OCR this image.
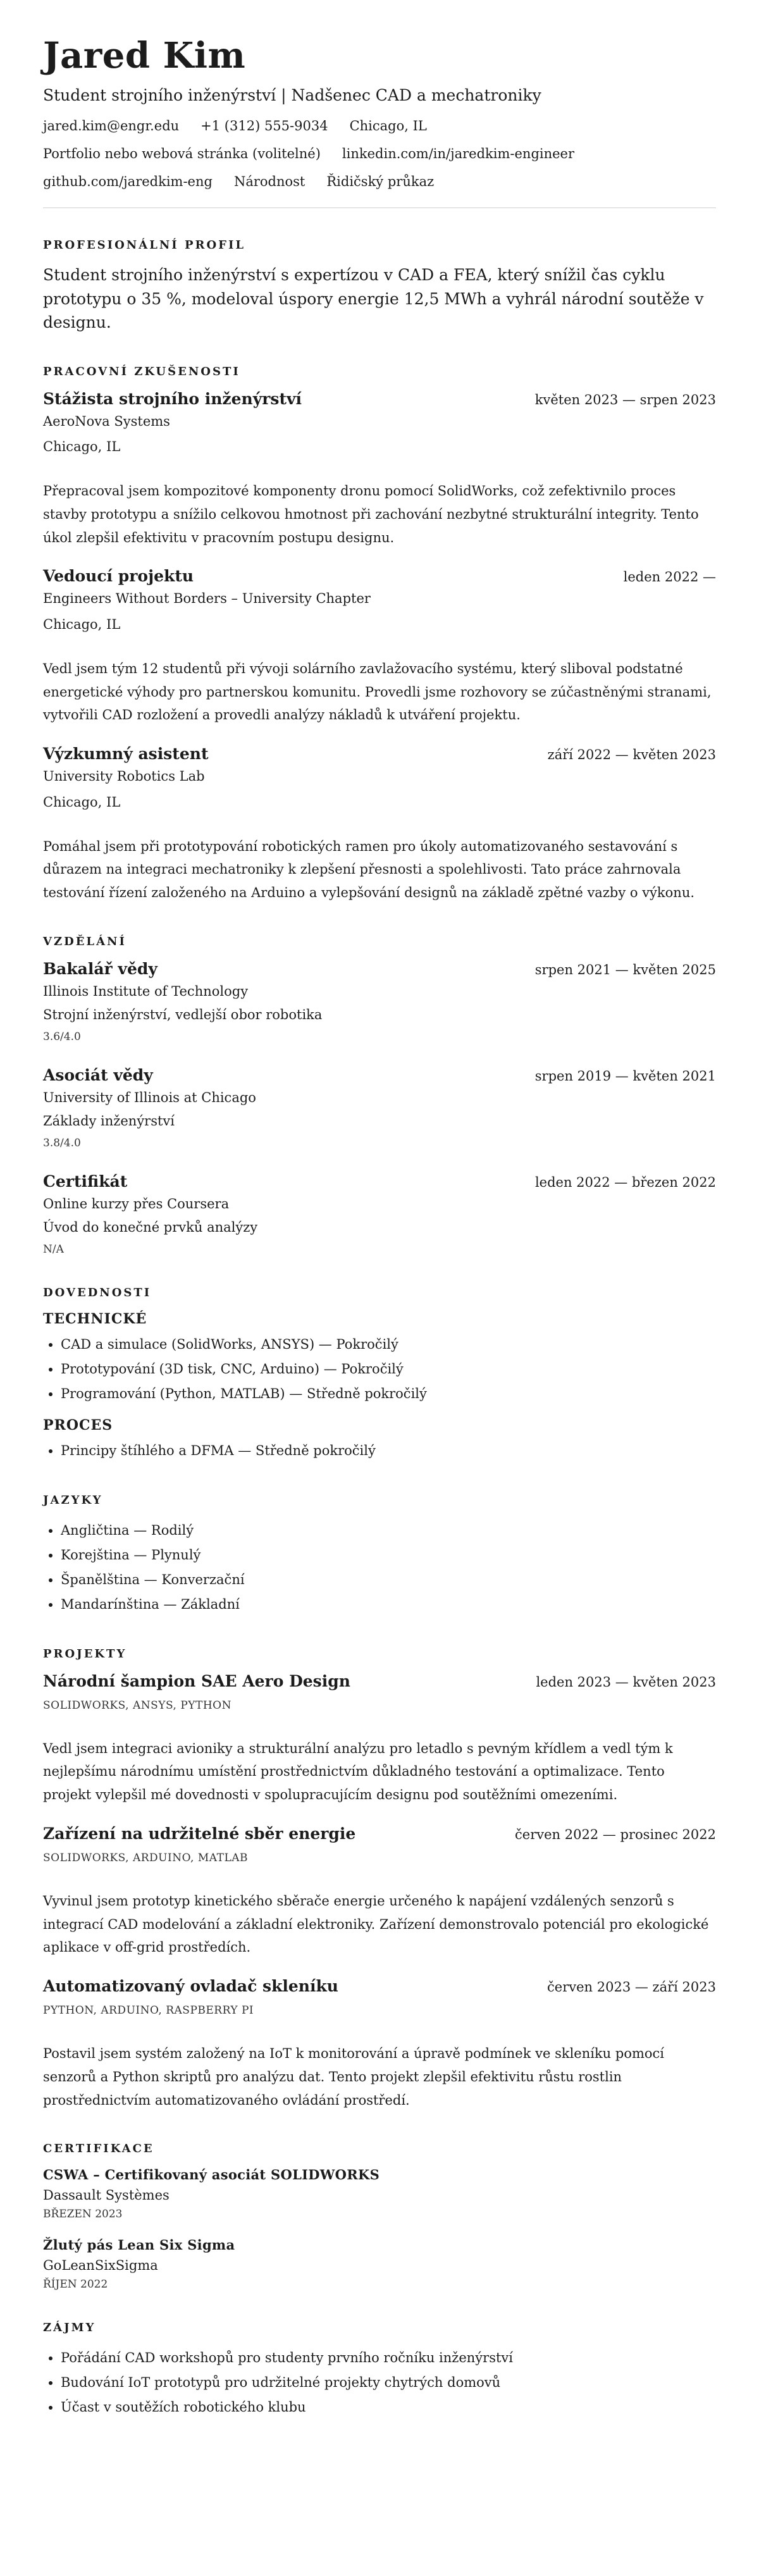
Jared Kim
Student strojního inženýrství | Nadšenec CAD a mechatroniky
jared.kim@engr.edu +1 (312) 555-9034 Chicago, IL
Portfolio nebo webová stránka (volitelné) linkedin.com/in/jaredkim-engineer
github.com/jaredkim-eng Národnost Řidičský průkaz
PROFESIONÁLNÍ PROFIL
Student strojního inženýrství s expertízou v CAD a FEA, který snížil čas cyklu prototypu o 35 %, modeloval úspory energie 12,5 MWh a vyhrál národní soutěže v designu.
PRACOVNÍ ZKUŠENOSTI
Stážista strojního inženýrství	květen 2023 — srpen 2023
AeroNova Systems
Chicago, IL
Přepracoval jsem kompozitové komponenty dronu pomocí SolidWorks, což zefektivnilo proces stavby prototypu a snížilo celkovou hmotnost při zachování nezbytné strukturální integrity. Tento úkol zlepšil efektivitu v pracovním postupu designu.
Vedoucí projektu	leden 2022 —
Engineers Without Borders – University Chapter
Chicago, IL
Vedl jsem tým 12 studentů při vývoji solárního zavlažovacího systému, který sliboval podstatné energetické výhody pro partnerskou komunitu. Provedli jsme rozhovory se zúčastněnými stranami, vytvořili CAD rozložení a provedli analýzy nákladů k utváření projektu.
Výzkumný asistent	září 2022 — květen 2023
University Robotics Lab
Chicago, IL
Pomáhal jsem při prototypování robotických ramen pro úkoly automatizovaného sestavování s důrazem na integraci mechatroniky k zlepšení přesnosti a spolehlivosti. Tato práce zahrnovala testování řízení založeného na Arduino a vylepšování designů na základě zpětné vazby o výkonu.
VZDĚLÁNÍ
Bakalář vědy	srpen 2021 — květen 2025
Illinois Institute of Technology
Strojní inženýrství, vedlejší obor robotika
3.6/4.0
Asociát vědy	srpen 2019 — květen 2021
University of Illinois at Chicago
Základy inženýrství
3.8/4.0
Certifikát	leden 2022 — březen 2022
Online kurzy přes Coursera
Úvod do konečné prvků analýzy
N/A
DOVEDNOSTI
TECHNICKÉ
• CAD a simulace (SolidWorks, ANSYS) — Pokročilý
• Prototypování (3D tisk, CNC, Arduino) — Pokročilý
• Programování (Python, MATLAB) — Středně pokročilý
PROCES
• Principy štíhlého a DFMA — Středně pokročilý
JAZYKY
• Angličtina — Rodilý
• Korejština — Plynulý
• Španělština — Konverzační
• Mandarínština — Základní
PROJEKTY
Národní šampion SAE Aero Design	leden 2023 — květen 2023
SOLIDWORKS, ANSYS, PYTHON
Vedl jsem integraci avioniky a strukturální analýzu pro letadlo s pevným křídlem a vedl tým k nejlepšímu národnímu umístění prostřednictvím důkladného testování a optimalizace. Tento projekt vylepšil mé dovednosti v spolupracujícím designu pod soutěžními omezeními.
Zařízení na udržitelné sběr energie	červen 2022 — prosinec 2022
SOLIDWORKS, ARDUINO, MATLAB
Vyvinul jsem prototyp kinetického sběrače energie určeného k napájení vzdálených senzorů s integrací CAD modelování a základní elektroniky. Zařízení demonstrovalo potenciál pro ekologické aplikace v off-grid prostředích.
Automatizovaný ovladač skleníku	červen 2023 — září 2023
PYTHON, ARDUINO, RASPBERRY PI
Postavil jsem systém založený na IoT k monitorování a úpravě podmínek ve skleníku pomocí senzorů a Python skriptů pro analýzu dat. Tento projekt zlepšil efektivitu růstu rostlin prostřednictvím automatizovaného ovládání prostředí.
CERTIFIKACE
CSWA – Certifikovaný asociát SOLIDWORKS
Dassault Systèmes
BŘEZEN 2023
Žlutý pás Lean Six Sigma
GoLeanSixSigma
ŘÍJEN 2022
ZÁJMY
• Pořádání CAD workshopů pro studenty prvního ročníku inženýrství
• Budování IoT prototypů pro udržitelné projekty chytrých domovů
• Účast v soutěžích robotického klubu
